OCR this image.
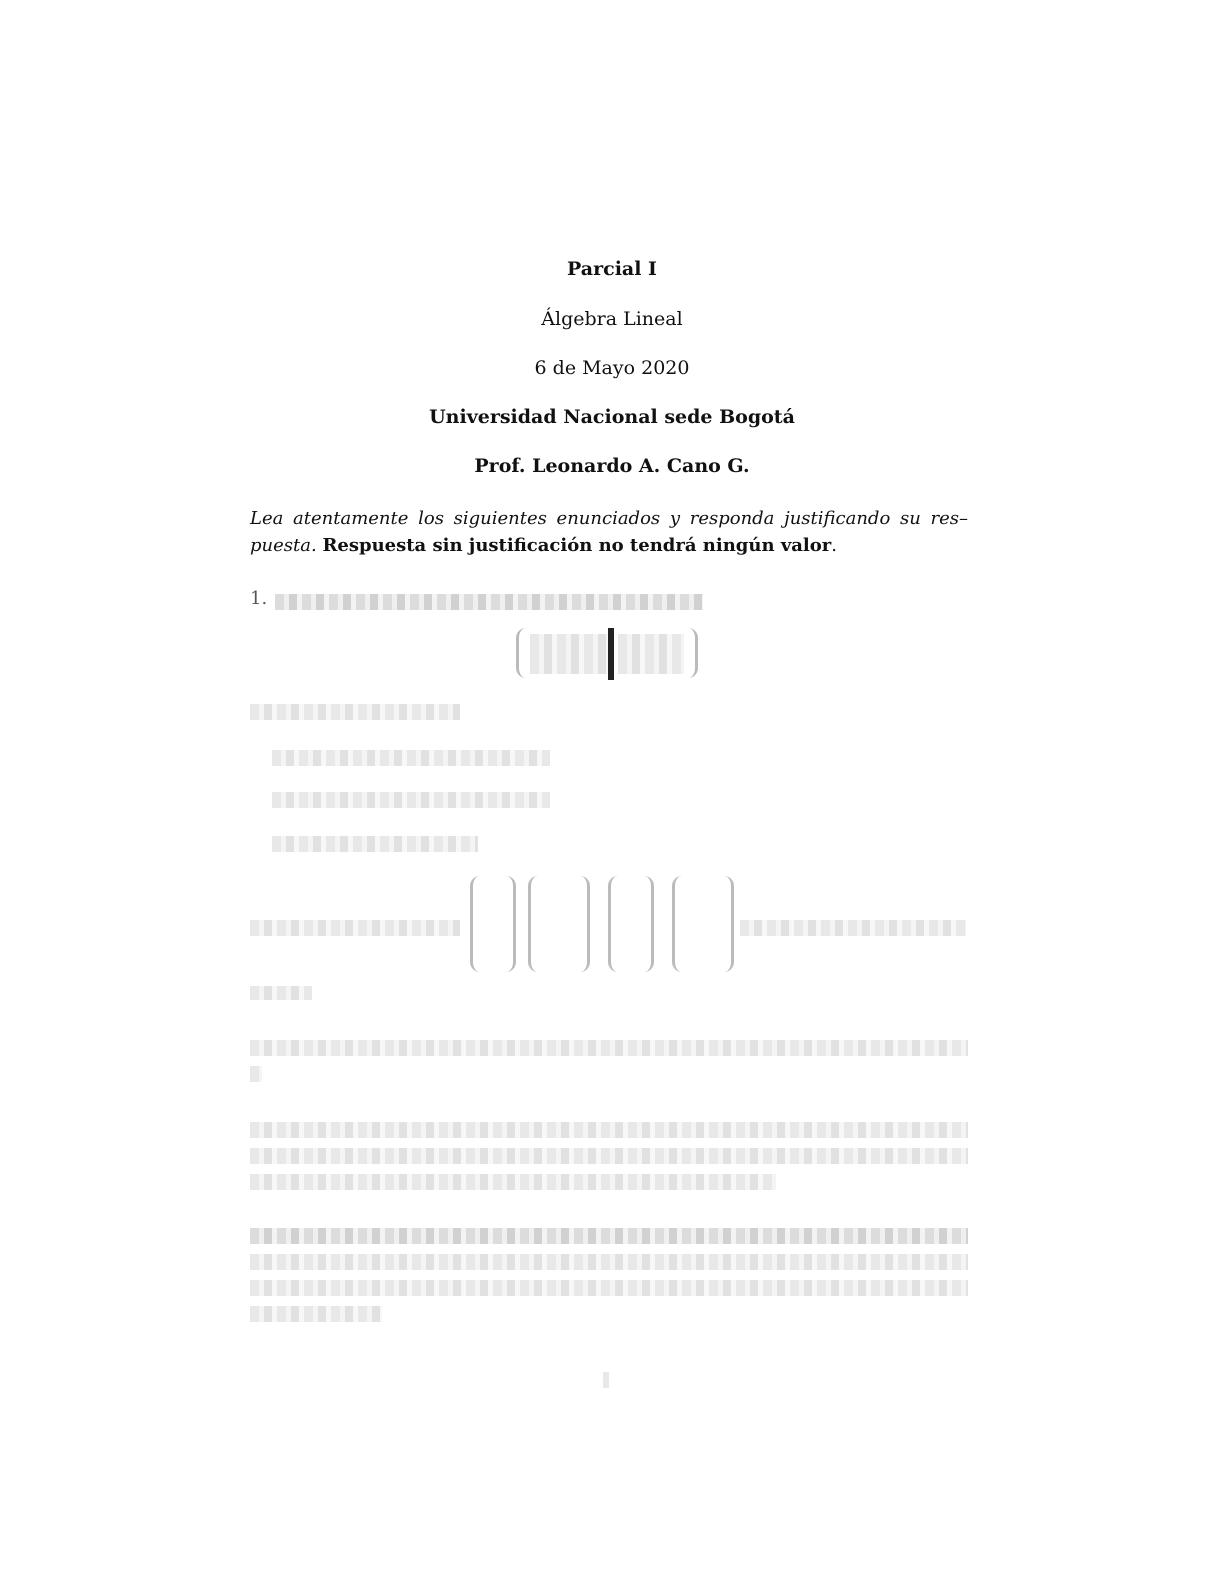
Parcial I
Álgebra Lineal
6 de Mayo 2020
Universidad Nacional sede Bogotá
Prof. Leonardo A. Cano G.
Lea atentamente los siguientes enunciados y responda justificando su res–puesta. Respuesta sin justificación no tendrá ningún valor.
1.
